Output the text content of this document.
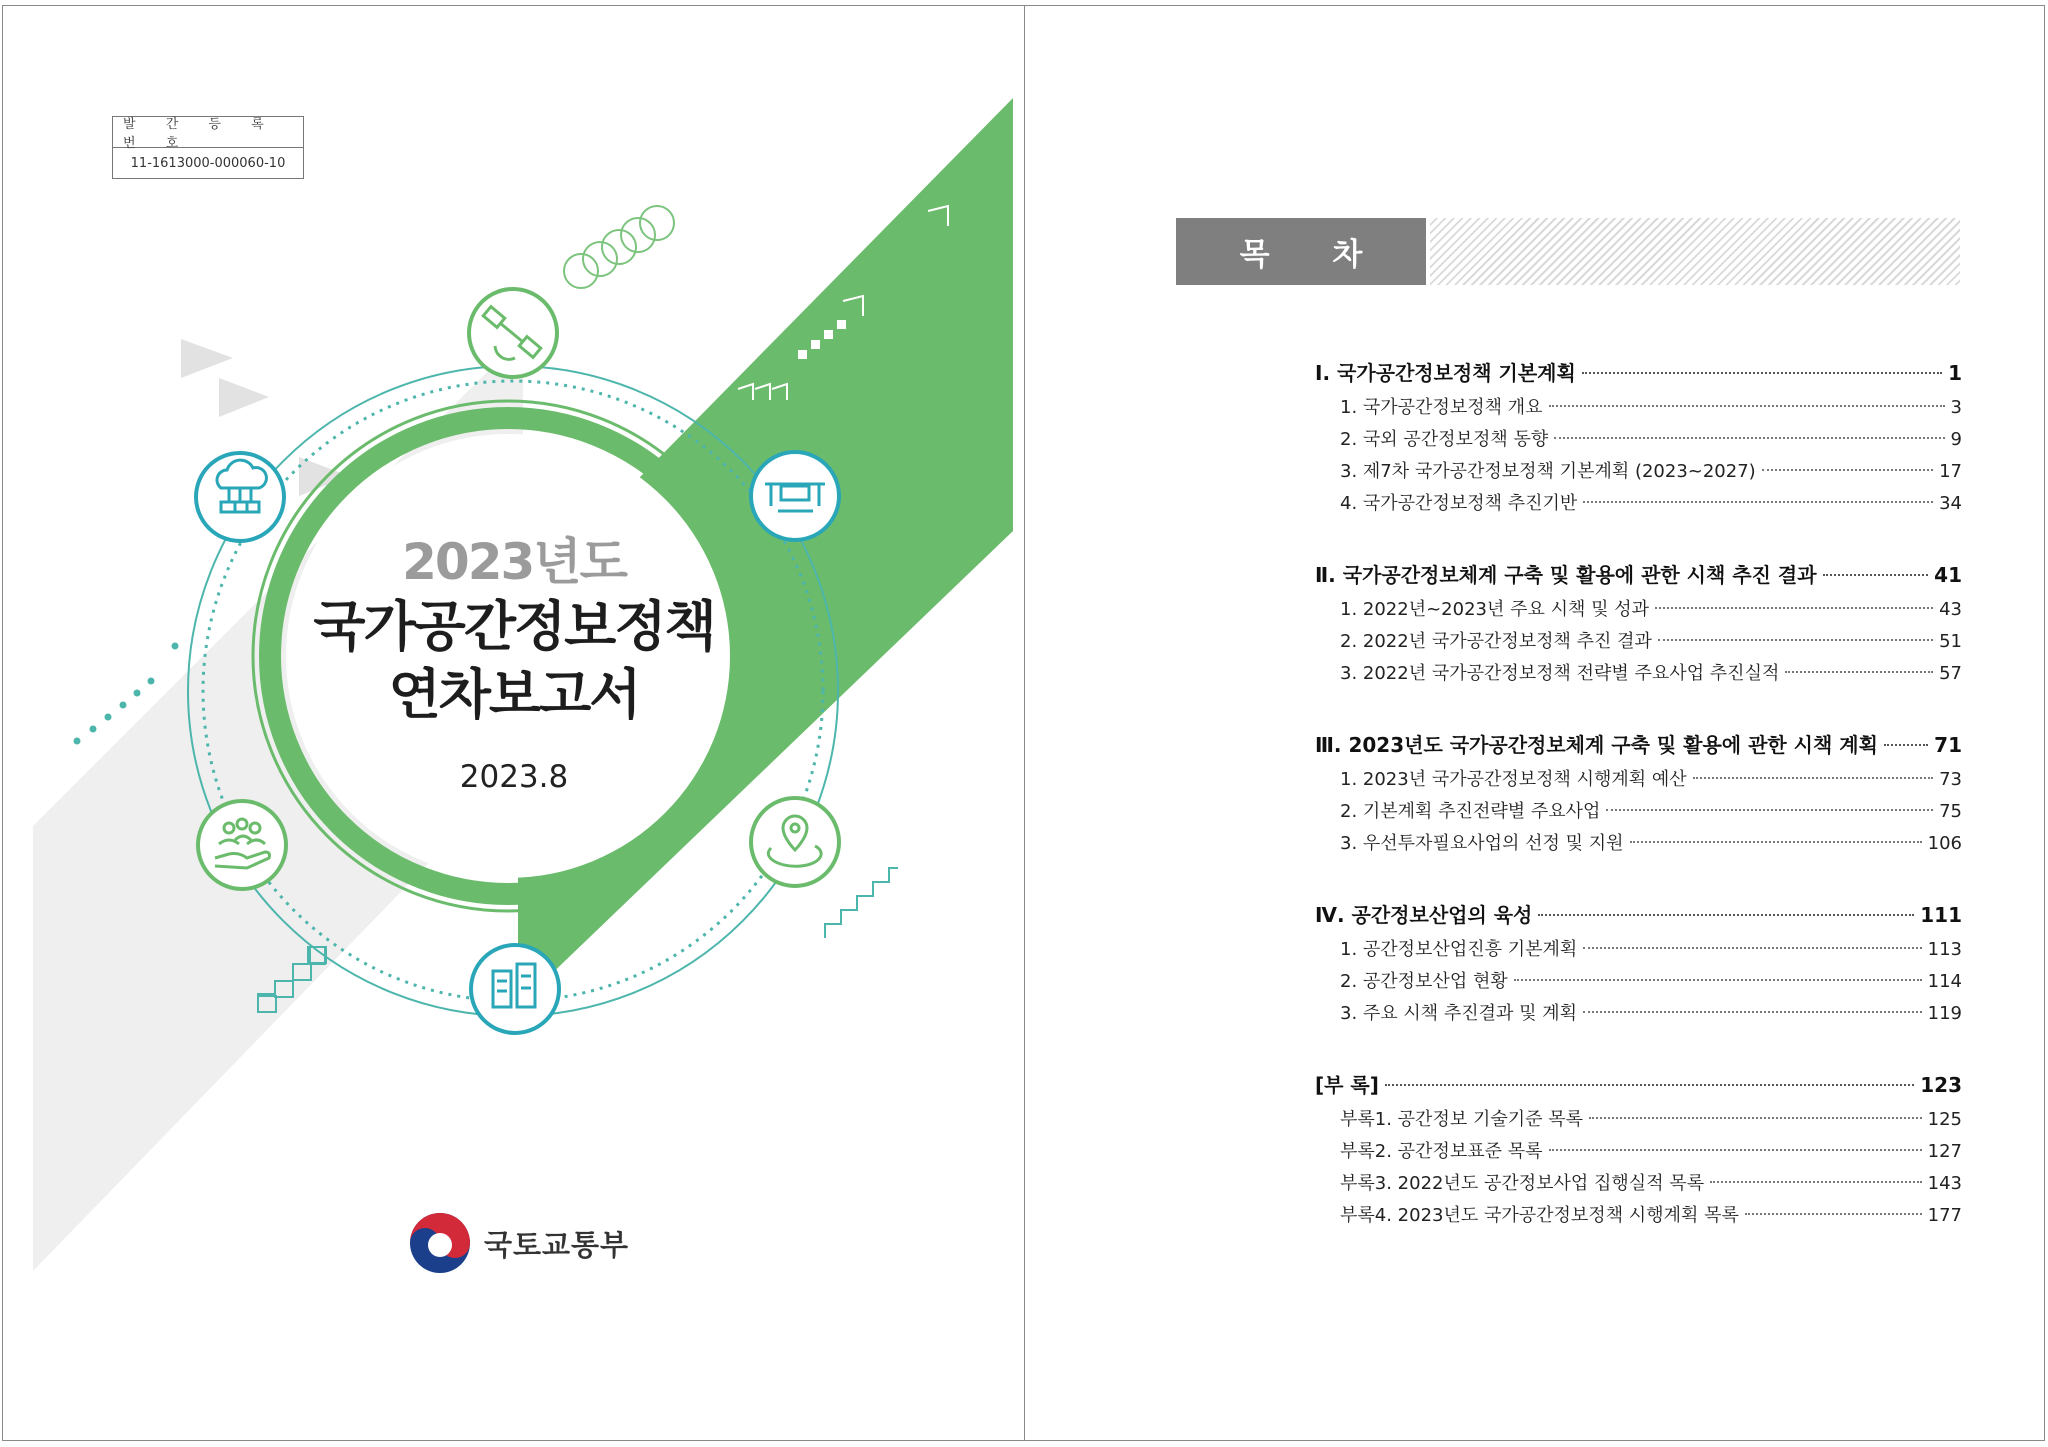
발 간 등 록 번 호
11-1613000-000060-10
2023년도
국가공간정보정책
연차보고서
2023.8
국토교통부
목 차
Ⅰ. 국가공간정보정책 기본계획	1
1. 국가공간정보정책 개요	3
2. 국외 공간정보정책 동향	9
3. 제7차 국가공간정보정책 기본계획 (2023~2027)	17
4. 국가공간정보정책 추진기반	34
Ⅱ. 국가공간정보체계 구축 및 활용에 관한 시책 추진 결과	41
1. 2022년~2023년 주요 시책 및 성과	43
2. 2022년 국가공간정보정책 추진 결과	51
3. 2022년 국가공간정보정책 전략별 주요사업 추진실적	57
Ⅲ. 2023년도 국가공간정보체계 구축 및 활용에 관한 시책 계획	71
1. 2023년 국가공간정보정책 시행계획 예산	73
2. 기본계획 추진전략별 주요사업	75
3. 우선투자필요사업의 선정 및 지원	106
Ⅳ. 공간정보산업의 육성	111
1. 공간정보산업진흥 기본계획	113
2. 공간정보산업 현황	114
3. 주요 시책 추진결과 및 계획	119
[부 록]	123
부록1. 공간정보 기술기준 목록	125
부록2. 공간정보표준 목록	127
부록3. 2022년도 공간정보사업 집행실적 목록	143
부록4. 2023년도 국가공간정보정책 시행계획 목록	177
